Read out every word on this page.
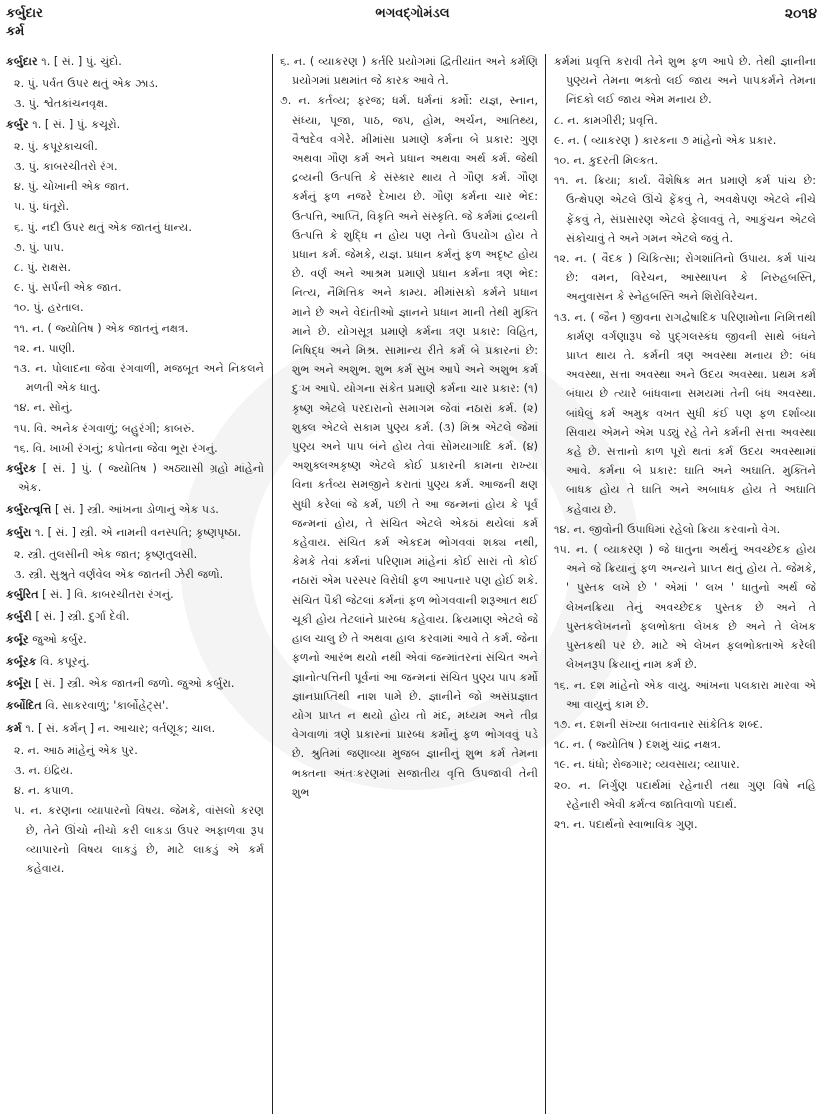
કર્બુદાર
કર્મ
ભગવદ્ગોમંડલ	૨૦૧૪
કર્બુદાર ૧. [ સં. ] પું. ચુંદો.
૨. પું. પર્વત ઉપર થતું એક ઝાડ.
૩. પું. શ્વેતકાંચનવૃક્ષ.
કર્બુર ૧. [ સં. ] પું. કચૂરો.
૨. પું. કપૂરકાચલી.
૩. પું. કાબરચીતરો રંગ.
૪. પું. ચોખાની એક જાત.
૫. પું. ધંતૂરો.
૬. પું. નદી ઉપર થતું એક જાતનું ધાન્ય.
૭. પું. પાપ.
૮. પું. રાક્ષસ.
૯. પું. સર્પની એક જાત.
૧૦. પું. હરતાલ.
૧૧. ન. ( જ્યોતિષ ) એક જાતનું નક્ષત્ર.
૧૨. ન. પાણી.
૧૩. ન. પોલાદના જેવા રંગવાળી, મજબૂત અને નિકલને મળતી એક ધાતુ.
૧૪. ન. સોનું.
૧૫. વિ. અનેક રંગવાળું; બહુરંગી; કાબરું.
૧૬. વિ. ખાખી રંગનું; કપોતના જેવા ભૂરા રંગનું.
કર્બુરક [ સં. ] પું. ( જ્યોતિષ ) અઠ્યાસી ગ્રહો માંહેનો એક.
કર્બુરત્વૃત્તિ [ સં. ] સ્ત્રી. આંખના ડોળાનું એક પડ.
કર્બુરા ૧. [ સં. ] સ્ત્રી. એ નામની વનસ્પતિ; કૃષ્ણપૃષ્ઠા.
૨. સ્ત્રી. તુલસીની એક જાત; કૃષ્ણતુલસી.
૩. સ્ત્રી. સુશ્રુતે વર્ણવેલ એક જાતની ઝેરી જળો.
કર્બુરિત [ સં. ] વિ. કાબરચીતરા રંગનું.
કર્બુરી [ સં. ] સ્ત્રી. દુર્ગા દેવી.
કર્બૂર જુઓ કર્બુર.
કર્બૂરક વિ. કપૂરનું.
કર્બૂરા [ સં. ] સ્ત્રી. એક જાતની જળો. જુઓ કર્બુરા.
કર્બોદિત વિ. સાકરવાળું; 'કાર્બોહ્રેટ્સ'.
કર્મ ૧. [ સં. કર્મન્ ] ન. આચાર; વર્તણૂક; ચાલ.
૨. ન. આઠ માંહેનું એક પુર.
૩. ન. ઇંદ્રિય.
૪. ન. કપાળ.
૫. ન. કરણના વ્યાપારનો વિષય. જેમકે, વાંસલો કરણ છે, તેને ઊંચો નીચો કરી લાકડા ઉપર અફાળવા રૂપ વ્યાપારનો વિષય લાકડું છે, માટે લાકડું એ કર્મ કહેવાય.
૬. ન. ( વ્યાકરણ ) કર્તરિ પ્રયોગમાં દ્વિતીયાંત અને કર્મણિ પ્રયોગમાં પ્રથમાંત જે કારક આવે તે.
૭. ન. કર્તવ્ય; ફરજ; ધર્મ. ધર્મનાં કર્મો: યજ્ઞ, સ્નાન, સંધ્યા, પૂજા, પાઠ, જપ, હોમ, અર્ચન, આતિથ્ય, વૈશ્વદેવ વગેરે. મીમાંસા પ્રમાણે કર્મના બે પ્રકાર: ગુણ અથવા ગૌણ કર્મ અને પ્રધાન અથવા અર્થ કર્મ. જેથી દ્રવ્યની ઉત્પત્તિ કે સંસ્કાર થાય તે ગૌણ કર્મ. ગૌણ કર્મનું ફળ નજરે દેખાય છે. ગૌણ કર્મના ચાર ભેદ: ઉત્પત્તિ, આપ્તિ, વિકૃતિ અને સંસ્કૃતિ. જે કર્મમાં દ્રવ્યની ઉત્પત્તિ કે શુદ્ધિ ન હોય પણ તેનો ઉપયોગ હોય તે પ્રધાન કર્મ. જેમકે, યજ્ઞ. પ્રધાન કર્મનું ફળ અદૃષ્ટ હોય છે. વર્ણ અને આશ્રમ પ્રમાણે પ્રધાન કર્મના ત્રણ ભેદ: નિત્ય, નૈમિત્તિક અને કામ્ય. મીમાંસકો કર્મને પ્રધાન માને છે અને વેદાંતીઓ જ્ઞાનને પ્રધાન માની તેથી મુક્તિ માને છે. યોગસૂત્ર પ્રમાણે કર્મના ત્રણ પ્રકાર: વિહિત, નિષિદ્ધ અને મિશ્ર. સામાન્ય રીતે કર્મ બે પ્રકારનાં છે: શુભ અને અશુભ. શુભ કર્મ સુખ આપે અને અશુભ કર્મ દુઃખ આપે. યોગના સંકેત પ્રમાણે કર્મના ચાર પ્રકાર: (૧) કૃષ્ણ એટલે પરદારાનો સમાગમ જેવાં નઠારાં કર્મ. (૨) શુક્લ એટલે સકામ પુણ્ય કર્મ. (૩) મિશ્ર એટલે જેમાં પુણ્ય અને પાપ બંને હોય તેવાં સોમયાગાદિ કર્મ. (૪) અશુક્લઅકૃષ્ણ એટલે કોઈ પ્રકારની કામના રાખ્યા વિના કર્તવ્ય સમજીને કરાતાં પુણ્ય કર્મ. આજની ક્ષણ સુધી કરેલાં જે કર્મ, પછી તે આ જન્મનાં હોય કે પૂર્વ જન્મનાં હોય, તે સંચિત એટલે એકઠાં થયેલાં કર્મ કહેવાય. સંચિત કર્મ એકદમ ભોગવવાં શક્ય નથી, કેમકે તેવાં કર્મનાં પરિણામ માંહેનાં કોઈ સારાં તો કોઈ નઠારાં એમ પરસ્પર વિરોધી ફળ આપનાર પણ હોઈ શકે. સંચિત પૈકી જેટલાં કર્મનાં ફળ ભોગવવાની શરૂઆત થઈ ચૂકી હોય તેટલાંને પ્રારબ્ધ કહેવાય. ક્રિયમાણ એટલે જે હાલ ચાલુ છે તે અથવા હાલ કરવામાં આવે તે કર્મ. જેના ફળનો આરંભ થયો નથી એવાં જન્માંતરનાં સંચિત અને જ્ઞાનોત્પત્તિની પૂર્વનાં આ જન્મનાં સંચિત પુણ્ય પાપ કર્મો જ્ઞાનપ્રાપ્તિથી નાશ પામે છે. જ્ઞાનીને જો અસંપ્રજ્ઞાત યોગ પ્રાપ્ત ન થયો હોય તો મંદ, મધ્યમ અને તીવ્ર વેગવાળાં ત્રણે પ્રકારનાં પ્રારબ્ધ કર્મોનું ફળ ભોગવવું પડે છે. શ્રુતિમાં જણાવ્યા મુજબ જ્ઞાનીનું શુભ કર્મ તેમના ભક્તના અંતઃકરણમાં સજાતીય વૃત્તિ ઉપજાવી તેની શુભ
કર્મમાં પ્રવૃત્તિ કરાવી તેને શુભ ફળ આપે છે. તેથી જ્ઞાનીના પુણ્યને તેમના ભક્તો લઈ જાય અને પાપકર્મને તેમના નિંદકો લઈ જાય એમ મનાય છે.
૮. ન. કામગીરી; પ્રવૃત્તિ.
૯. ન. ( વ્યાકરણ ) કારકના ૭ માંહેનો એક પ્રકાર.
૧૦. ન. કુદરતી મિલ્કત.
૧૧. ન. ક્રિયા; કાર્ય. વૈશેષિક મત પ્રમાણે કર્મ પાંચ છે: ઉત્ક્ષેપણ એટલે ઊંચે ફેંકવું તે, અવક્ષેપણ એટલે નીચે ફેંકવું તે, સંપ્રસારણ એટલે ફેલાવવું તે, આકુંચન એટલે સંકોચાવું તે અને ગમન એટલે જવું તે.
૧૨. ન. ( વૈદક ) ચિકિત્સા; રોગશાંતિનો ઉપાય. કર્મ પાંચ છે: વમન, વિરેચન, આસ્થાપન કે નિરુહબસ્તિ, અનુવાસન કે સ્નેહબસ્તિ અને શિરોવિરેચન.
૧૩. ન. ( જૈન ) જીવના રાગદ્વેષાદિક પરિણામોના નિમિત્તથી કાર્મણ વર્ગણારૂપ જે પુદ્ગલસ્કંધ જીવની સાથે બંધને પ્રાપ્ત થાય તે. કર્મની ત્રણ અવસ્થા મનાય છે: બંધ અવસ્થા, સત્તા અવસ્થા અને ઉદય અવસ્થા. પ્રથમ કર્મ બંધાય છે ત્યારે બાંધવાના સમયમાં તેની બંધ અવસ્થા. બાંધેલું કર્મ અમુક વખત સુધી કંઈ પણ ફળ દર્શાવ્યા સિવાય એમને એમ પડ્યું રહે તેને કર્મની સત્તા અવસ્થા કહે છે. સત્તાનો કાળ પૂરો થતાં કર્મ ઉદય અવસ્થામાં આવે. કર્મના બે પ્રકાર: ઘાતિ અને અઘાતિ. મુક્તિને બાધક હોય તે ઘાતિ અને અબાધક હોય તે અઘાતિ કહેવાય છે.
૧૪. ન. જીવોની ઉપાધિમાં રહેલો ક્રિયા કરવાનો વેગ.
૧૫. ન. ( વ્યાકરણ ) જે ધાતુના અર્થનું અવચ્છેદક હોય અને જે ક્રિયાનું ફળ અન્યને પ્રાપ્ત થતું હોય તે. જેમકે, ' પુસ્તક લખે છે ' એમાં ' લખ ' ધાતુનો અર્થ જે લેખનક્રિયા તેનું અવચ્છેદક પુસ્તક છે અને તે પુસ્તકલેખનનો ફલભોક્તા લેખક છે અને તે લેખક પુસ્તકથી પર છે. માટે એ લેખન ફલભોક્તાએ કરેલી લેખનરૂપ ક્રિયાનું નામ કર્મ છે.
૧૬. ન. દશ માંહેનો એક વાયુ. આંખના પલકારા મારવા એ આ વાયુનું કામ છે.
૧૭. ન. દશની સંખ્યા બતાવનાર સાંકેતિક શબ્દ.
૧૮. ન. ( જ્યોતિષ ) દશમું ચાંદ્ર નક્ષત્ર.
૧૯. ન. ધંધો; રોજગાર; વ્યવસાય; વ્યાપાર.
૨૦. ન. નિર્ગુણ પદાર્થમાં રહેનારી તથા ગુણ વિષે નહિ રહેનારી એવી કર્મત્વ જાતિવાળો પદાર્થ.
૨૧. ન. પદાર્થનો સ્વાભાવિક ગુણ.
